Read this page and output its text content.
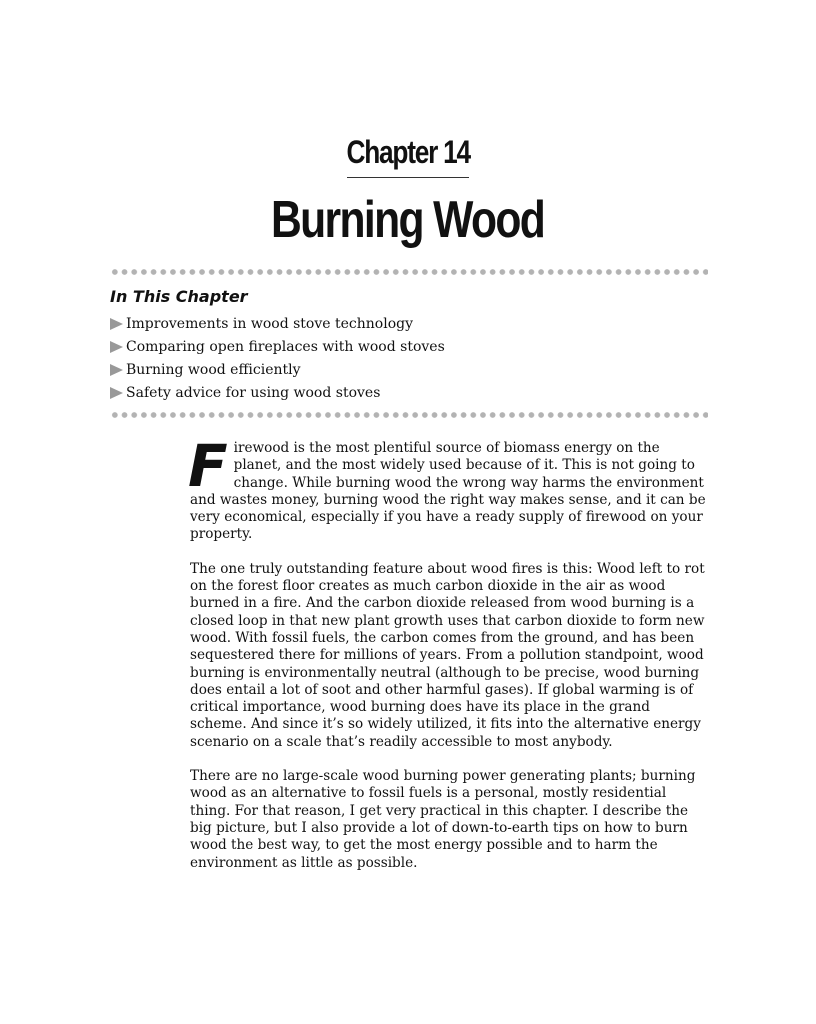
Chapter 14
Burning Wood
In This Chapter
Improvements in wood stove technology
Comparing open fireplaces with wood stoves
Burning wood efficiently
Safety advice for using wood stoves

Firewood is the most plentiful source of biomass energy on the planet, and the most widely used because of it. This is not going to change. While burning wood the wrong way harms the environment and wastes money, burning wood the right way makes sense, and it can be very economical, especially if you have a ready supply of firewood on your property.

The one truly outstanding feature about wood fires is this: Wood left to rot on the forest floor creates as much carbon dioxide in the air as wood burned in a fire. And the carbon dioxide released from wood burning is a closed loop in that new plant growth uses that carbon dioxide to form new wood. With fossil fuels, the carbon comes from the ground, and has been sequestered there for millions of years. From a pollution standpoint, wood burning is environmentally neutral (although to be precise, wood burning does entail a lot of soot and other harmful gases). If global warming is of critical importance, wood burning does have its place in the grand scheme. And since it’s so widely utilized, it fits into the alternative energy scenario on a scale that’s readily accessible to most anybody.

There are no large-scale wood burning power generating plants; burning wood as an alternative to fossil fuels is a personal, mostly residential thing. For that reason, I get very practical in this chapter. I describe the big picture, but I also provide a lot of down-to-earth tips on how to burn wood the best way, to get the most energy possible and to harm the environment as little as possible.
